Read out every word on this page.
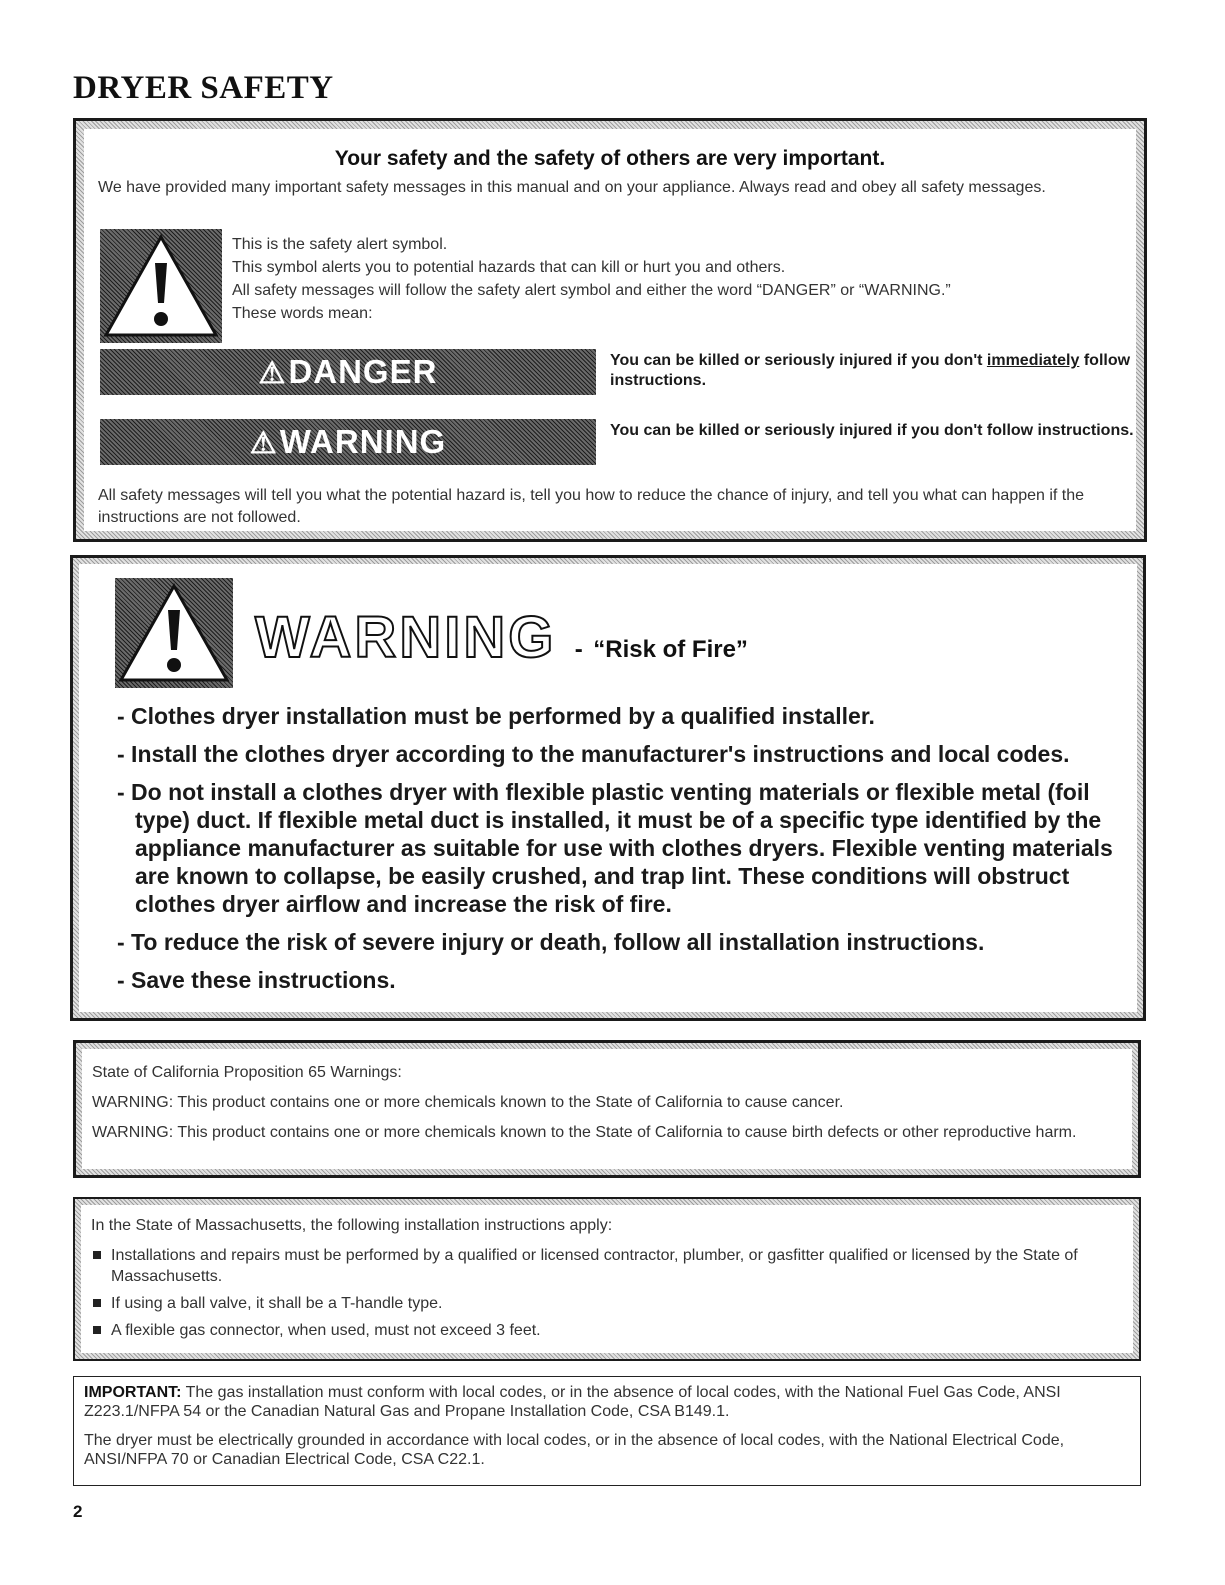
DRYER SAFETY
Your safety and the safety of others are very important.
We have provided many important safety messages in this manual and on your appliance. Always read and obey all safety messages.
This is the safety alert symbol.
This symbol alerts you to potential hazards that can kill or hurt you and others.
All safety messages will follow the safety alert symbol and either the word “DANGER” or “WARNING.”
These words mean:
⚠DANGER	You can be killed or seriously injured if you don't immediately follow instructions.
⚠WARNING	You can be killed or seriously injured if you don't follow instructions.
All safety messages will tell you what the potential hazard is, tell you how to reduce the chance of injury, and tell you what can happen if the instructions are not followed.
WARNING - “Risk of Fire”
- Clothes dryer installation must be performed by a qualified installer.
- Install the clothes dryer according to the manufacturer's instructions and local codes.
- Do not install a clothes dryer with flexible plastic venting materials or flexible metal (foil type) duct. If flexible metal duct is installed, it must be of a specific type identified by the appliance manufacturer as suitable for use with clothes dryers. Flexible venting materials are known to collapse, be easily crushed, and trap lint. These conditions will obstruct clothes dryer airflow and increase the risk of fire.
- To reduce the risk of severe injury or death, follow all installation instructions.
- Save these instructions.
State of California Proposition 65 Warnings:
WARNING: This product contains one or more chemicals known to the State of California to cause cancer.
WARNING: This product contains one or more chemicals known to the State of California to cause birth defects or other reproductive harm.
In the State of Massachusetts, the following installation instructions apply:
Installations and repairs must be performed by a qualified or licensed contractor, plumber, or gasfitter qualified or licensed by the State of Massachusetts.
If using a ball valve, it shall be a T-handle type.
A flexible gas connector, when used, must not exceed 3 feet.
IMPORTANT: The gas installation must conform with local codes, or in the absence of local codes, with the National Fuel Gas Code, ANSI Z223.1/NFPA 54 or the Canadian Natural Gas and Propane Installation Code, CSA B149.1.
The dryer must be electrically grounded in accordance with local codes, or in the absence of local codes, with the National Electrical Code, ANSI/NFPA 70 or Canadian Electrical Code, CSA C22.1.
2
